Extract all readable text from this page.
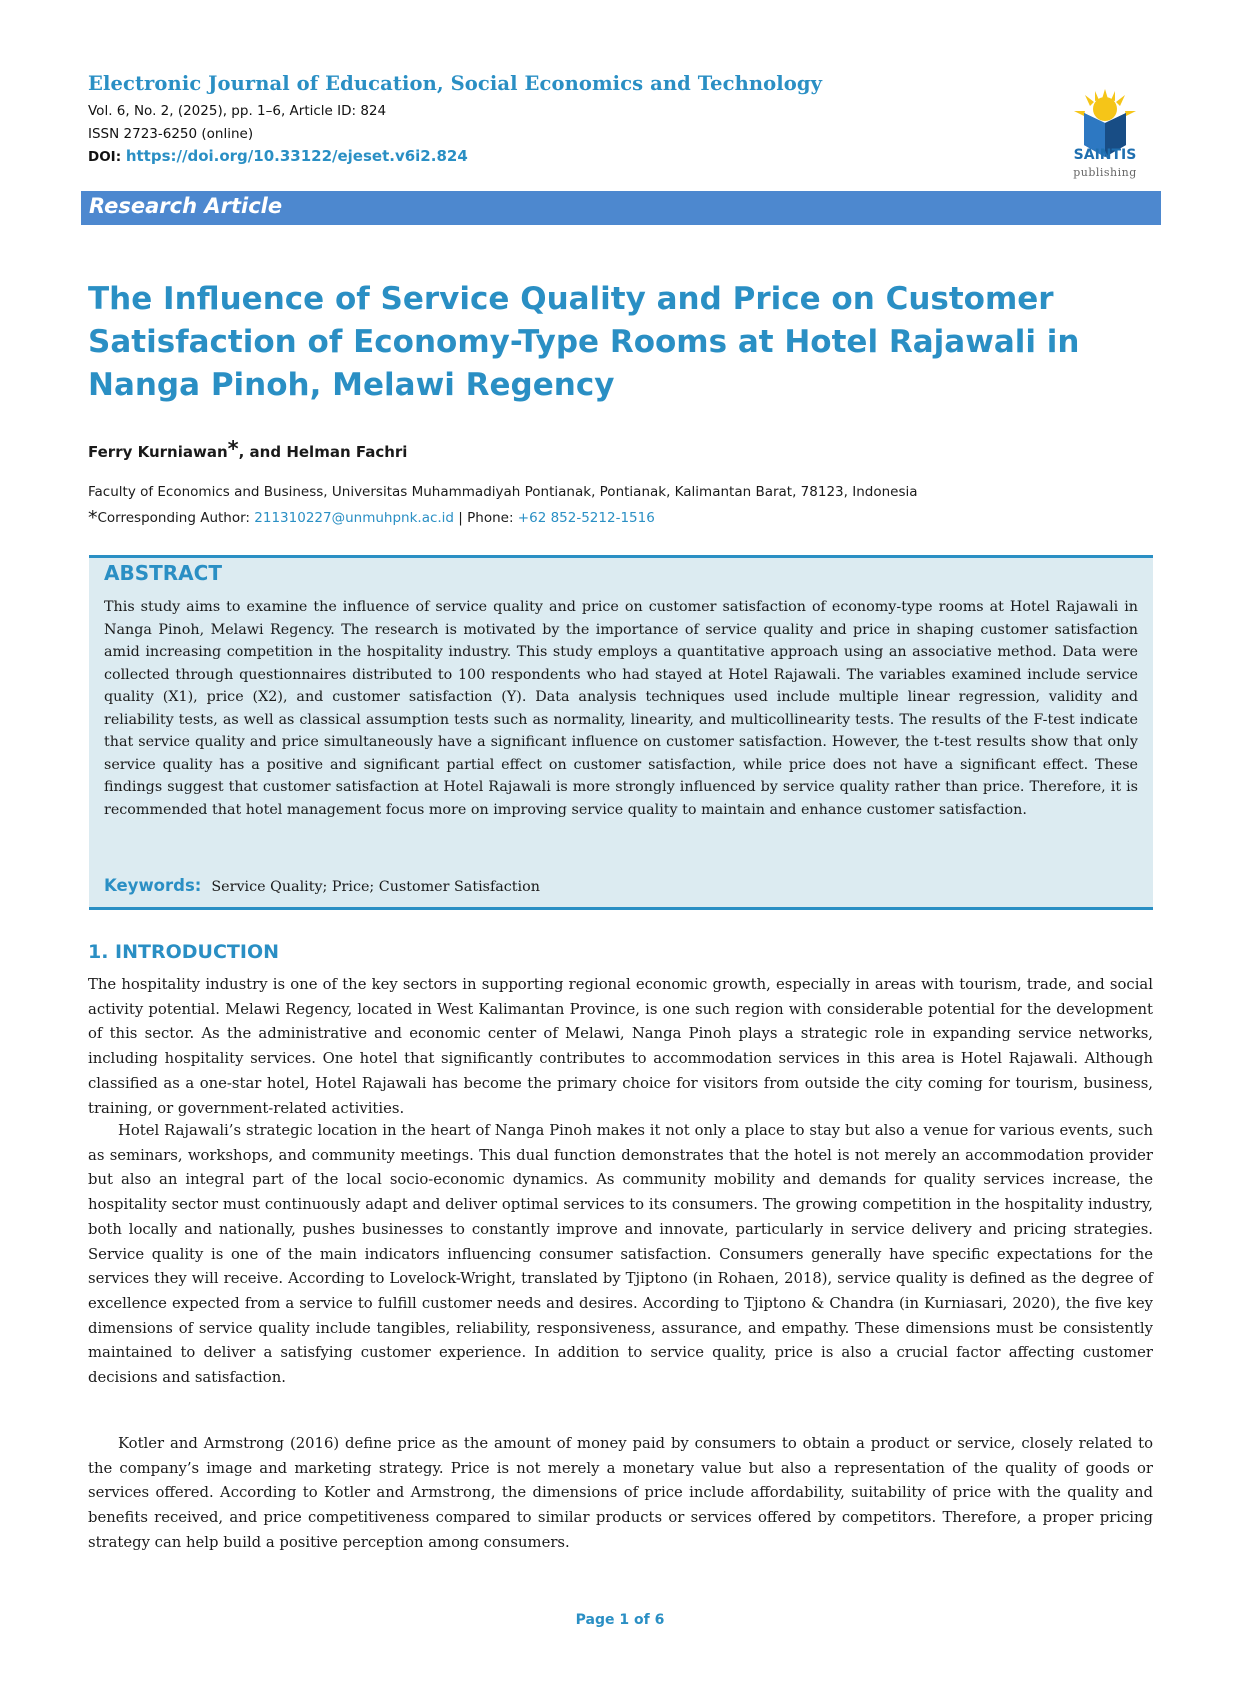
Electronic Journal of Education, Social Economics and Technology
Vol. 6, No. 2, (2025), pp. 1–6, Article ID: 824
ISSN 2723-6250 (online)
DOI: https://doi.org/10.33122/ejeset.v6i2.824	SAINTIS
publishing
Research Article
The Influence of Service Quality and Price on Customer Satisfaction of Economy-Type Rooms at Hotel Rajawali in Nanga Pinoh, Melawi Regency
Ferry Kurniawan*, and Helman Fachri
Faculty of Economics and Business, Universitas Muhammadiyah Pontianak, Pontianak, Kalimantan Barat, 78123, Indonesia
*Corresponding Author: 211310227@unmuhpnk.ac.id | Phone: +62 852-5212-1516
ABSTRACT

This study aims to examine the influence of service quality and price on customer satisfaction of economy-type rooms at Hotel Rajawali in Nanga Pinoh, Melawi Regency. The research is motivated by the importance of service quality and price in shaping customer satisfaction amid increasing competition in the hospitality industry. This study employs a quantitative approach using an associative method. Data were collected through questionnaires distributed to 100 respondents who had stayed at Hotel Rajawali. The variables examined include service quality (X1), price (X2), and customer satisfaction (Y). Data analysis techniques used include multiple linear regression, validity and reliability tests, as well as classical assumption tests such as normality, linearity, and multicollinearity tests. The results of the F-test indicate that service quality and price simultaneously have a significant influence on customer satisfaction. However, the t-test results show that only service quality has a positive and significant partial effect on customer satisfaction, while price does not have a significant effect. These findings suggest that customer satisfaction at Hotel Rajawali is more strongly influenced by service quality rather than price. Therefore, it is recommended that hotel management focus more on improving service quality to maintain and enhance customer satisfaction.

Keywords: Service Quality; Price; Customer Satisfaction
1. INTRODUCTION

The hospitality industry is one of the key sectors in supporting regional economic growth, especially in areas with tourism, trade, and social activity potential. Melawi Regency, located in West Kalimantan Province, is one such region with considerable potential for the development of this sector. As the administrative and economic center of Melawi, Nanga Pinoh plays a strategic role in expanding service networks, including hospitality services. One hotel that significantly contributes to accommodation services in this area is Hotel Rajawali. Although classified as a one-star hotel, Hotel Rajawali has become the primary choice for visitors from outside the city coming for tourism, business, training, or government-related activities.

Hotel Rajawali’s strategic location in the heart of Nanga Pinoh makes it not only a place to stay but also a venue for various events, such as seminars, workshops, and community meetings. This dual function demonstrates that the hotel is not merely an accommodation provider but also an integral part of the local socio-economic dynamics. As community mobility and demands for quality services increase, the hospitality sector must continuously adapt and deliver optimal services to its consumers. The growing competition in the hospitality industry, both locally and nationally, pushes businesses to constantly improve and innovate, particularly in service delivery and pricing strategies. Service quality is one of the main indicators influencing consumer satisfaction. Consumers generally have specific expectations for the services they will receive. According to Lovelock-Wright, translated by Tjiptono (in Rohaen, 2018), service quality is defined as the degree of excellence expected from a service to fulfill customer needs and desires. According to Tjiptono & Chandra (in Kurniasari, 2020), the five key dimensions of service quality include tangibles, reliability, responsiveness, assurance, and empathy. These dimensions must be consistently maintained to deliver a satisfying customer experience. In addition to service quality, price is also a crucial factor affecting customer decisions and satisfaction.

Kotler and Armstrong (2016) define price as the amount of money paid by consumers to obtain a product or service, closely related to the company’s image and marketing strategy. Price is not merely a monetary value but also a representation of the quality of goods or services offered. According to Kotler and Armstrong, the dimensions of price include affordability, suitability of price with the quality and benefits received, and price competitiveness compared to similar products or services offered by competitors. Therefore, a proper pricing strategy can help build a positive perception among consumers.

Page 1 of 6
